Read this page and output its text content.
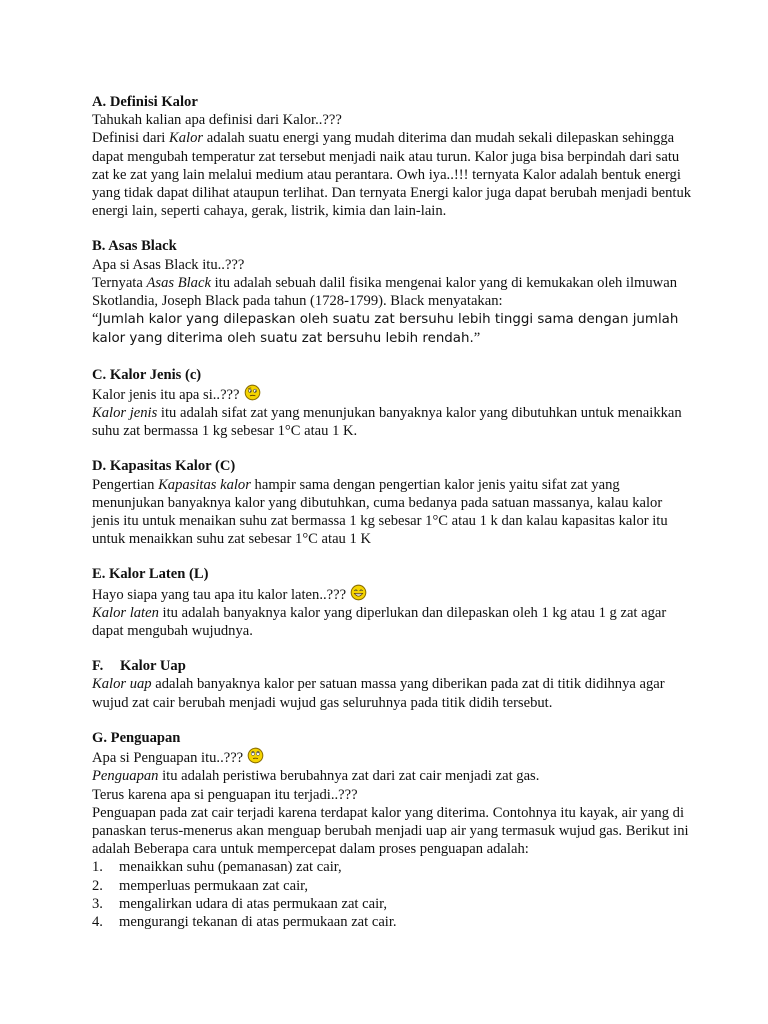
A. Definisi Kalor

Tahukah kalian apa definisi dari Kalor..???

Definisi dari Kalor adalah suatu energi yang mudah diterima dan mudah sekali dilepaskan sehingga dapat mengubah temperatur zat tersebut menjadi naik atau turun. Kalor juga bisa berpindah dari satu zat ke zat yang lain melalui medium atau perantara. Owh iya..!!! ternyata Kalor adalah bentuk energi yang tidak dapat dilihat ataupun terlihat. Dan ternyata Energi kalor juga dapat berubah menjadi bentuk energi lain, seperti cahaya, gerak, listrik, kimia dan lain-lain.

B. Asas Black

Apa si Asas Black itu..???

Ternyata Asas Black itu adalah sebuah dalil fisika mengenai kalor yang di kemukakan oleh ilmuwan Skotlandia, Joseph Black pada tahun (1728-1799). Black menyatakan:

“Jumlah kalor yang dilepaskan oleh suatu zat bersuhu lebih tinggi sama dengan jumlah kalor yang diterima oleh suatu zat bersuhu lebih rendah.”

C. Kalor Jenis (c)

Kalor jenis itu apa si..???

Kalor jenis itu adalah sifat zat yang menunjukan banyaknya kalor yang dibutuhkan untuk menaikkan suhu zat bermassa 1 kg sebesar 1°C atau 1 K.

D. Kapasitas Kalor (C)

Pengertian Kapasitas kalor hampir sama dengan pengertian kalor jenis yaitu sifat zat yang menunjukan banyaknya kalor yang dibutuhkan, cuma bedanya pada satuan massanya, kalau kalor jenis itu untuk menaikan suhu zat bermassa 1 kg sebesar 1°C atau 1 k dan kalau kapasitas kalor itu untuk menaikkan suhu zat sebesar 1°C atau 1 K

E. Kalor Laten (L)

Hayo siapa yang tau apa itu kalor laten..???

Kalor laten itu adalah banyaknya kalor yang diperlukan dan dilepaskan oleh 1 kg atau 1 g zat agar dapat mengubah wujudnya.

F. Kalor Uap

Kalor uap adalah banyaknya kalor per satuan massa yang diberikan pada zat di titik didihnya agar wujud zat cair berubah menjadi wujud gas seluruhnya pada titik didih tersebut.

G. Penguapan

Apa si Penguapan itu..???

Penguapan itu adalah peristiwa berubahnya zat dari zat cair menjadi zat gas.

Terus karena apa si penguapan itu terjadi..???

Penguapan pada zat cair terjadi karena terdapat kalor yang diterima. Contohnya itu kayak, air yang di panaskan terus-menerus akan menguap berubah menjadi uap air yang termasuk wujud gas. Berikut ini adalah Beberapa cara untuk mempercepat dalam proses penguapan adalah:

1.	menaikkan suhu (pemanasan) zat cair,
2.	memperluas permukaan zat cair,
3.	mengalirkan udara di atas permukaan zat cair,
4.	mengurangi tekanan di atas permukaan zat cair.
